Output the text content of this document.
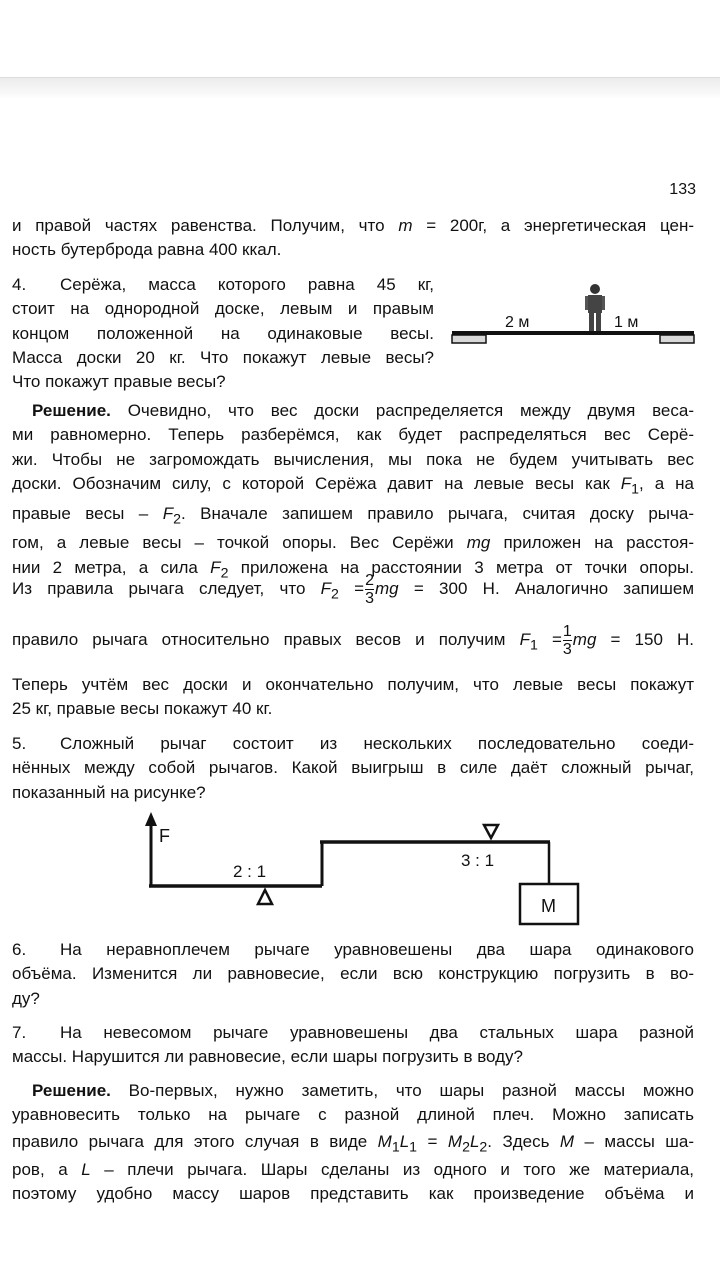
133

и правой частях равенства. Получим, что m = 200г, а энергетическая цен-
ность бутерброда равна 400 ккал.

4. Серёжа, масса которого равна 45 кг,
стоит на однородной доске, левым и правым
концом положенной на одинаковые весы.
Масса доски 20 кг. Что покажут левые весы?
Что покажут правые весы?

2 м	1 м

Решение. Очевидно, что вес доски распределяется между двумя веса-
ми равномерно. Теперь разберёмся, как будет распределяться вес Серё-
жи. Чтобы не загромождать вычисления, мы пока не будем учитывать вес
доски. Обозначим силу, с которой Серёжа давит на левые весы как $F_1$, а на
правые весы – $F_2$. Вначале запишем правило рычага, считая доску рыча-
гом, а левые весы – точкой опоры. Вес Серёжи mg приложен на расстоя-
нии 2 метра, а сила $F_2$ приложена на расстоянии 3 метра от точки опоры.

Из правила рычага следует, что $F_2 = \frac{2}{3}$ mg = 300 Н. Аналогично запишем

правило рычага относительно правых весов и получим $F_1 = \frac{1}{3}$ mg = 150 Н.

Теперь учтём вес доски и окончательно получим, что левые весы покажут
25 кг, правые весы покажут 40 кг.

5. Сложный рычаг состоит из нескольких последовательно соеди-
нённых между собой рычагов. Какой выигрыш в силе даёт сложный рычаг,
показанный на рисунке?

F
2 : 1
3 : 1
M

6. На неравноплечем рычаге уравновешены два шара одинакового
объёма. Изменится ли равновесие, если всю конструкцию погрузить в во-
ду?

7. На невесомом рычаге уравновешены два стальных шара разной
массы. Нарушится ли равновесие, если шары погрузить в воду?

Решение. Во-первых, нужно заметить, что шары разной массы можно
уравновесить только на рычаге с разной длиной плеч. Можно записать

правило рычага для этого случая в виде $M_1L_1 = M_2L_2$. Здесь M – массы ша-

ров, а L – плечи рычага. Шары сделаны из одного и того же материала,
поэтому удобно массу шаров представить как произведение объёма и
